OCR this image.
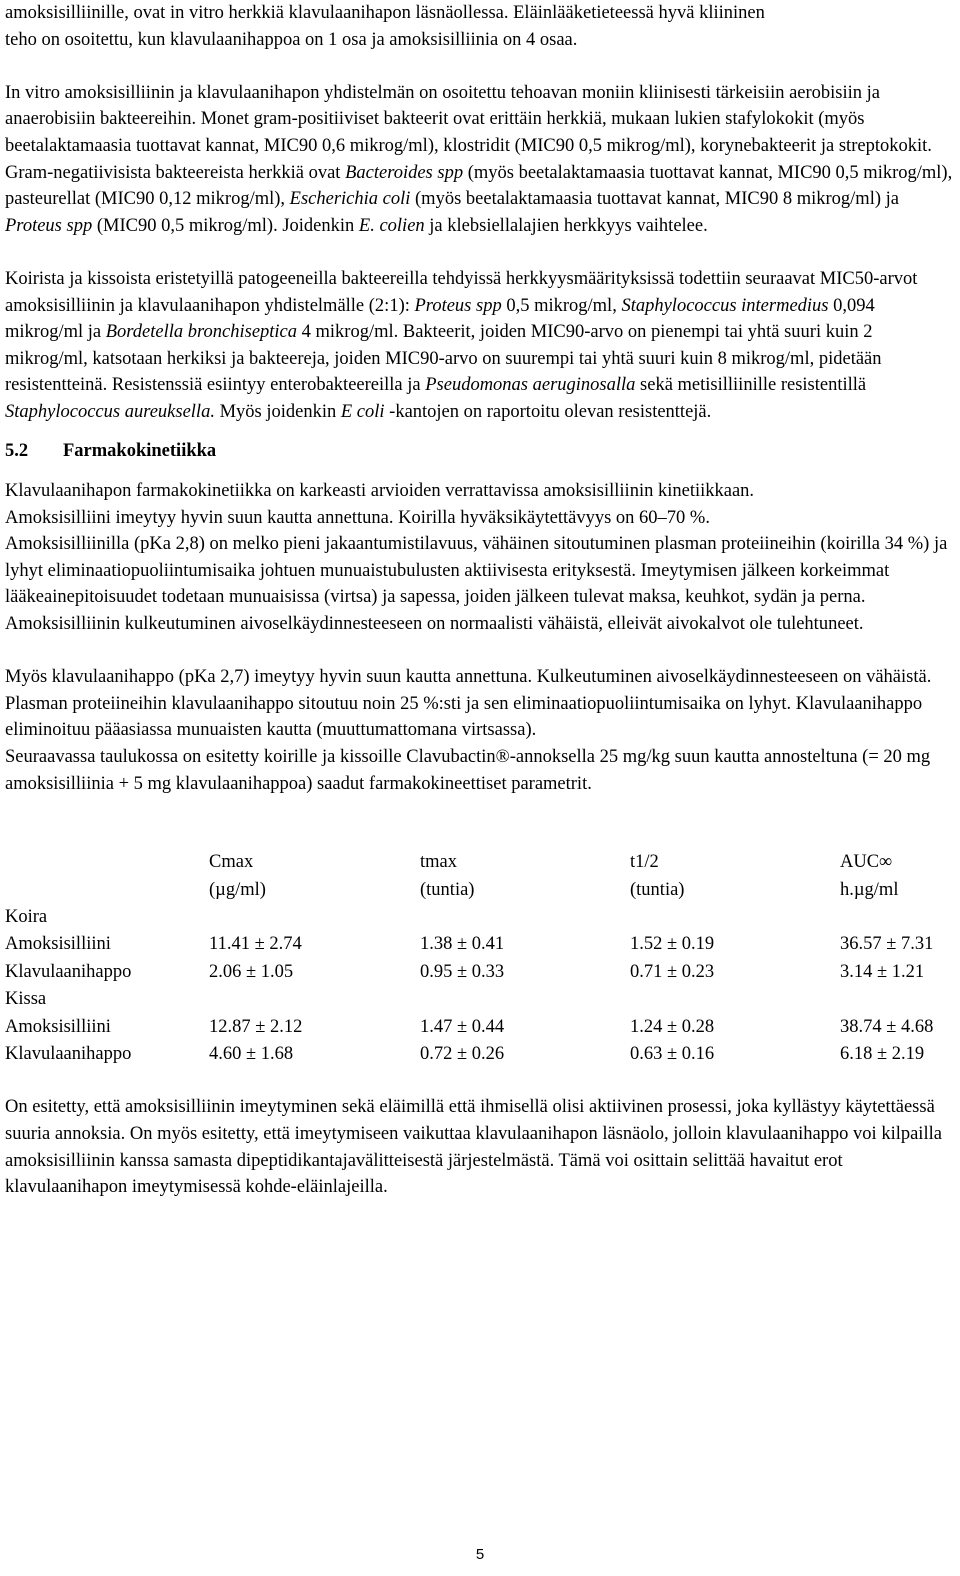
amoksisilliinille, ovat in vitro herkkiä klavulaanihapon läsnäollessa. Eläinlääketieteessä hyvä kliininen
teho on osoitettu, kun klavulaanihappoa on 1 osa ja amoksisilliinia on 4 osaa.

In vitro amoksisilliinin ja klavulaanihapon yhdistelmän on osoitettu tehoavan moniin kliinisesti tärkeisiin aerobisiin ja anaerobisiin bakteereihin. Monet gram-positiiviset bakteerit ovat erittäin herkkiä, mukaan lukien stafylokokit (myös beetalaktamaasia tuottavat kannat, MIC90 0,6 mikrog/ml), klostridit (MIC90 0,5 mikrog/ml), korynebakteerit ja streptokokit. Gram-negatiivisista bakteereista herkkiä ovat Bacteroides spp (myös beetalaktamaasia tuottavat kannat, MIC90 0,5 mikrog/ml), pasteurellat (MIC90 0,12 mikrog/ml), Escherichia coli (myös beetalaktamaasia tuottavat kannat, MIC90 8 mikrog/ml) ja Proteus spp (MIC90 0,5 mikrog/ml). Joidenkin E. colien ja klebsiellalajien herkkyys vaihtelee.

Koirista ja kissoista eristetyillä patogeeneilla bakteereilla tehdyissä herkkyysmäärityksissä todettiin seuraavat MIC50-arvot amoksisilliinin ja klavulaanihapon yhdistelmälle (2:1): Proteus spp 0,5 mikrog/ml, Staphylococcus intermedius 0,094 mikrog/ml ja Bordetella bronchiseptica 4 mikrog/ml. Bakteerit, joiden MIC90-arvo on pienempi tai yhtä suuri kuin 2 mikrog/ml, katsotaan herkiksi ja bakteereja, joiden MIC90-arvo on suurempi tai yhtä suuri kuin 8 mikrog/ml, pidetään resistentteinä. Resistenssiä esiintyy enterobakteereilla ja Pseudomonas aeruginosalla sekä metisilliinille resistentillä Staphylococcus aureuksella. Myös joidenkin E coli -kantojen on raportoitu olevan resistenttejä.

5.2 Farmakokinetiikka

Klavulaanihapon farmakokinetiikka on karkeasti arvioiden verrattavissa amoksisilliinin kinetiikkaan.
Amoksisilliini imeytyy hyvin suun kautta annettuna. Koirilla hyväksikäytettävyys on 60–70 %.
Amoksisilliinilla (pKa 2,8) on melko pieni jakaantumistilavuus, vähäinen sitoutuminen plasman proteiineihin (koirilla 34 %) ja lyhyt eliminaatiopuoliintumisaika johtuen munuaistubulusten aktiivisesta erityksestä. Imeytymisen jälkeen korkeimmat lääkeainepitoisuudet todetaan munuaisissa (virtsa) ja sapessa, joiden jälkeen tulevat maksa, keuhkot, sydän ja perna.
Amoksisilliinin kulkeutuminen aivoselkäydinnesteeseen on normaalisti vähäistä, elleivät aivokalvot ole tulehtuneet.

Myös klavulaanihappo (pKa 2,7) imeytyy hyvin suun kautta annettuna. Kulkeutuminen aivoselkäydinnesteeseen on vähäistä. Plasman proteiineihin klavulaanihappo sitoutuu noin 25 %:sti ja sen eliminaatiopuoliintumisaika on lyhyt. Klavulaanihappo eliminoituu pääasiassa munuaisten kautta (muuttumattomana virtsassa).
Seuraavassa taulukossa on esitetty koirille ja kissoille Clavubactin®-annoksella 25 mg/kg suun kautta annosteltuna (= 20 mg amoksisilliinia + 5 mg klavulaanihappoa) saadut farmakokineettiset parametrit.

	Cmax	tmax	t1/2	AUC∞
	(µg/ml)	(tuntia)	(tuntia)	h.µg/ml
Koira				
Amoksisilliini	11.41 ± 2.74	1.38 ± 0.41	1.52 ± 0.19	36.57 ± 7.31
Klavulaanihappo	2.06 ± 1.05	0.95 ± 0.33	0.71 ± 0.23	3.14 ± 1.21
Kissa				
Amoksisilliini	12.87 ± 2.12	1.47 ± 0.44	1.24 ± 0.28	38.74 ± 4.68
Klavulaanihappo	4.60 ± 1.68	0.72 ± 0.26	0.63 ± 0.16	6.18 ± 2.19

On esitetty, että amoksisilliinin imeytyminen sekä eläimillä että ihmisellä olisi aktiivinen prosessi, joka kyllästyy käytettäessä suuria annoksia. On myös esitetty, että imeytymiseen vaikuttaa klavulaanihapon läsnäolo, jolloin klavulaanihappo voi kilpailla amoksisilliinin kanssa samasta dipeptidikantajavälitteisestä järjestelmästä. Tämä voi osittain selittää havaitut erot klavulaanihapon imeytymisessä kohde-eläinlajeilla.

5
